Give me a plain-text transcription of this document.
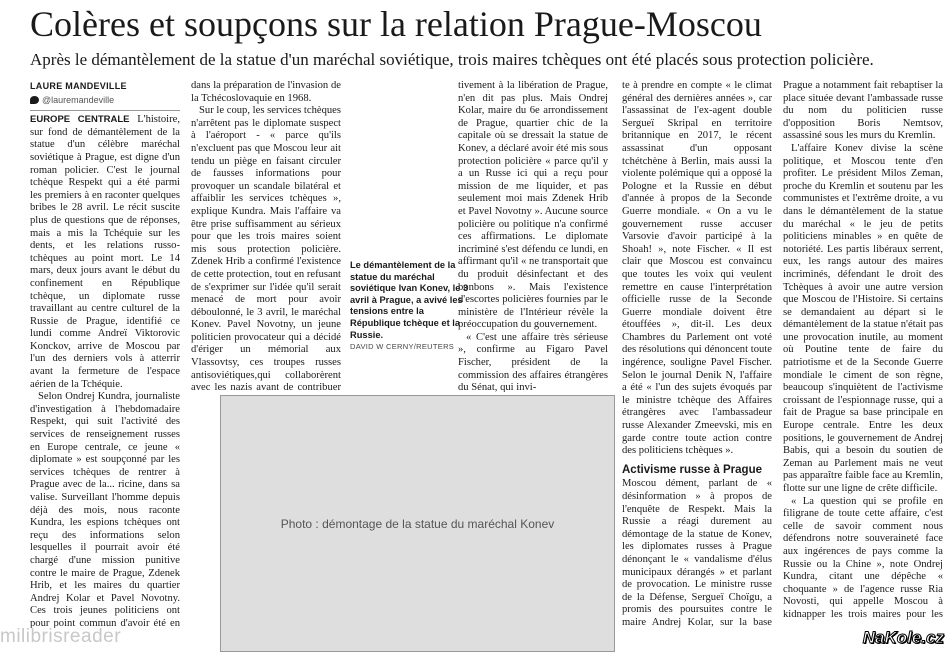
Colères et soupçons sur la relation Prague-Moscou

Après le démantèlement de la statue d'un maréchal soviétique, trois maires tchèques ont été placés sous protection policière.

LAURE MANDEVILLE
@lauremandeville

EUROPE CENTRALE L'histoire, sur fond de démantèlement de la statue d'un célèbre maréchal soviétique à Prague, est digne d'un roman policier. C'est le journal tchèque Respekt qui a été parmi les premiers à en raconter quelques bribes le 28 avril. Le récit suscite plus de questions que de réponses, mais a mis la Tchéquie sur les dents, et les relations russo-tchèques au point mort. Le 14 mars, deux jours avant le début du confinement en République tchèque, un diplomate russe travaillant au centre culturel de la Russie de Prague, identifié ce lundi comme Andreï Viktorovic Konckov, arrive de Moscou par l'un des derniers vols à atterrir avant la fermeture de l'espace aérien de la Tchéquie.

Selon Ondrej Kundra, journaliste d'investigation à l'hebdomadaire Respekt, qui suit l'activité des services de renseignement russes en Europe centrale, ce jeune « diplomate » est soupçonné par les services tchèques de rentrer à Prague avec de la... ricine, dans sa valise. Surveillant l'homme depuis déjà des mois, nous raconte Kundra, les espions tchèques ont reçu des informations selon lesquelles il pourrait avoir été chargé d'une mission punitive contre le maire de Prague, Zdenek Hrib, et les maires du quartier Andrej Kolar et Pavel Novotny. Ces trois jeunes politiciens ont pour point commun d'avoir été en

dans la préparation de l'invasion de la Tchécoslovaquie en 1968.

Sur le coup, les services tchèques n'arrêtent pas le diplomate suspect à l'aéroport - « parce qu'ils n'excluent pas que Moscou leur ait tendu un piège en faisant circuler de fausses informations pour provoquer un scandale bilatéral et affaiblir les services tchèques », explique Kundra. Mais l'affaire va être prise suffisamment au sérieux pour que les trois maires soient mis sous protection policière. Zdenek Hrib a confirmé l'existence de cette protection, tout en refusant de s'exprimer sur l'idée qu'il serait menacé de mort pour avoir déboulonné, le 3 avril, le maréchal Konev. Pavel Novotny, un jeune politicien provocateur qui a décidé d'ériger un mémorial aux Vlassovtsy, ces troupes russes antisoviétiques,qui collaborèrent avec les nazis avant de contribuer

Le démantèlement de la statue du maréchal soviétique Ivan Konev, le 3 avril à Prague, a avivé les tensions entre la République tchèque et la Russie.
DAVID W CERNY/REUTERS

tivement à la libération de Prague, n'en dit pas plus. Mais Ondrej Kolar, maire du 6e arrondissement de Prague, quartier chic de la capitale où se dressait la statue de Konev, a déclaré avoir été mis sous protection policière « parce qu'il y a un Russe ici qui a reçu pour mission de me liquider, et pas seulement moi mais Zdenek Hrib et Pavel Novotny ». Aucune source policière ou politique n'a confirmé ces affirmations. Le diplomate incriminé s'est défendu ce lundi, en affirmant qu'il « ne transportait que du produit désinfectant et des bonbons ». Mais l'existence d'escortes policières fournies par le ministère de l'Intérieur révèle la préoccupation du gouvernement.

« C'est une affaire très sérieuse », confirme au Figaro Pavel Fischer, président de la commission des affaires étrangères du Sénat, qui invi-

Photo : démontage de la statue du maréchal Konev

te à prendre en compte « le climat général des dernières années », car l'assassinat de l'ex-agent double Sergueï Skripal en territoire britannique en 2017, le récent assassinat d'un opposant tchétchène à Berlin, mais aussi la violente polémique qui a opposé la Pologne et la Russie en début d'année à propos de la Seconde Guerre mondiale. « On a vu le gouvernement russe accuser Varsovie d'avoir participé à la Shoah! », note Fischer. « Il est clair que Moscou est convaincu que toutes les voix qui veulent remettre en cause l'interprétation officielle russe de la Seconde Guerre mondiale doivent être étouffées », dit-il. Les deux Chambres du Parlement ont voté des résolutions qui dénoncent toute ingérence, souligne Pavel Fischer. Selon le journal Denik N, l'affaire a été « l'un des sujets évoqués par le ministre tchèque des Affaires étrangères avec l'ambassadeur russe Alexander Zmeevski, mis en garde contre toute action contre des politiciens tchèques ».

Activisme russe à Prague

Moscou dément, parlant de « désinformation » à propos de l'enquête de Respekt. Mais la Russie a réagi durement au démontage de la statue de Konev, les diplomates russes à Prague dénonçant le « vandalisme d'élus municipaux dérangés » et parlant de provocation. Le ministre russe de la Défense, Sergueï Choïgu, a promis des poursuites contre le maire Andrej Kolar, sur la base

Prague a notamment fait rebaptiser la place située devant l'ambassade russe du nom du politicien russe d'opposition Boris Nemtsov, assassiné sous les murs du Kremlin.

L'affaire Konev divise la scène politique, et Moscou tente d'en profiter. Le président Milos Zeman, proche du Kremlin et soutenu par les communistes et l'extrême droite, a vu dans le démantèlement de la statue du maréchal « le jeu de petits politiciens minables » en quête de notoriété. Les partis libéraux serrent, eux, les rangs autour des maires incriminés, défendant le droit des Tchèques à avoir une autre version que Moscou de l'Histoire. Si certains se demandaient au départ si le démantèlement de la statue n'était pas une provocation inutile, au moment où Poutine tente de faire du patriotisme et de la Seconde Guerre mondiale le ciment de son règne, beaucoup s'inquiètent de l'activisme croissant de l'espionnage russe, qui a fait de Prague sa base principale en Europe centrale. Entre les deux positions, le gouvernement de Andrej Babis, qui a besoin du soutien de Zeman au Parlement mais ne veut pas apparaître faible face au Kremlin, flotte sur une ligne de crête difficile.

« La question qui se profile en filigrane de toute cette affaire, c'est celle de savoir comment nous défendrons notre souveraineté face aux ingérences de pays comme la Russie ou la Chine », note Ondrej Kundra, citant une dépêche « choquante » de l'agence russe Ria Novosti, qui appelle Moscou à kidnapper les trois maires pour les

milibrisreader	NaKole.cz
